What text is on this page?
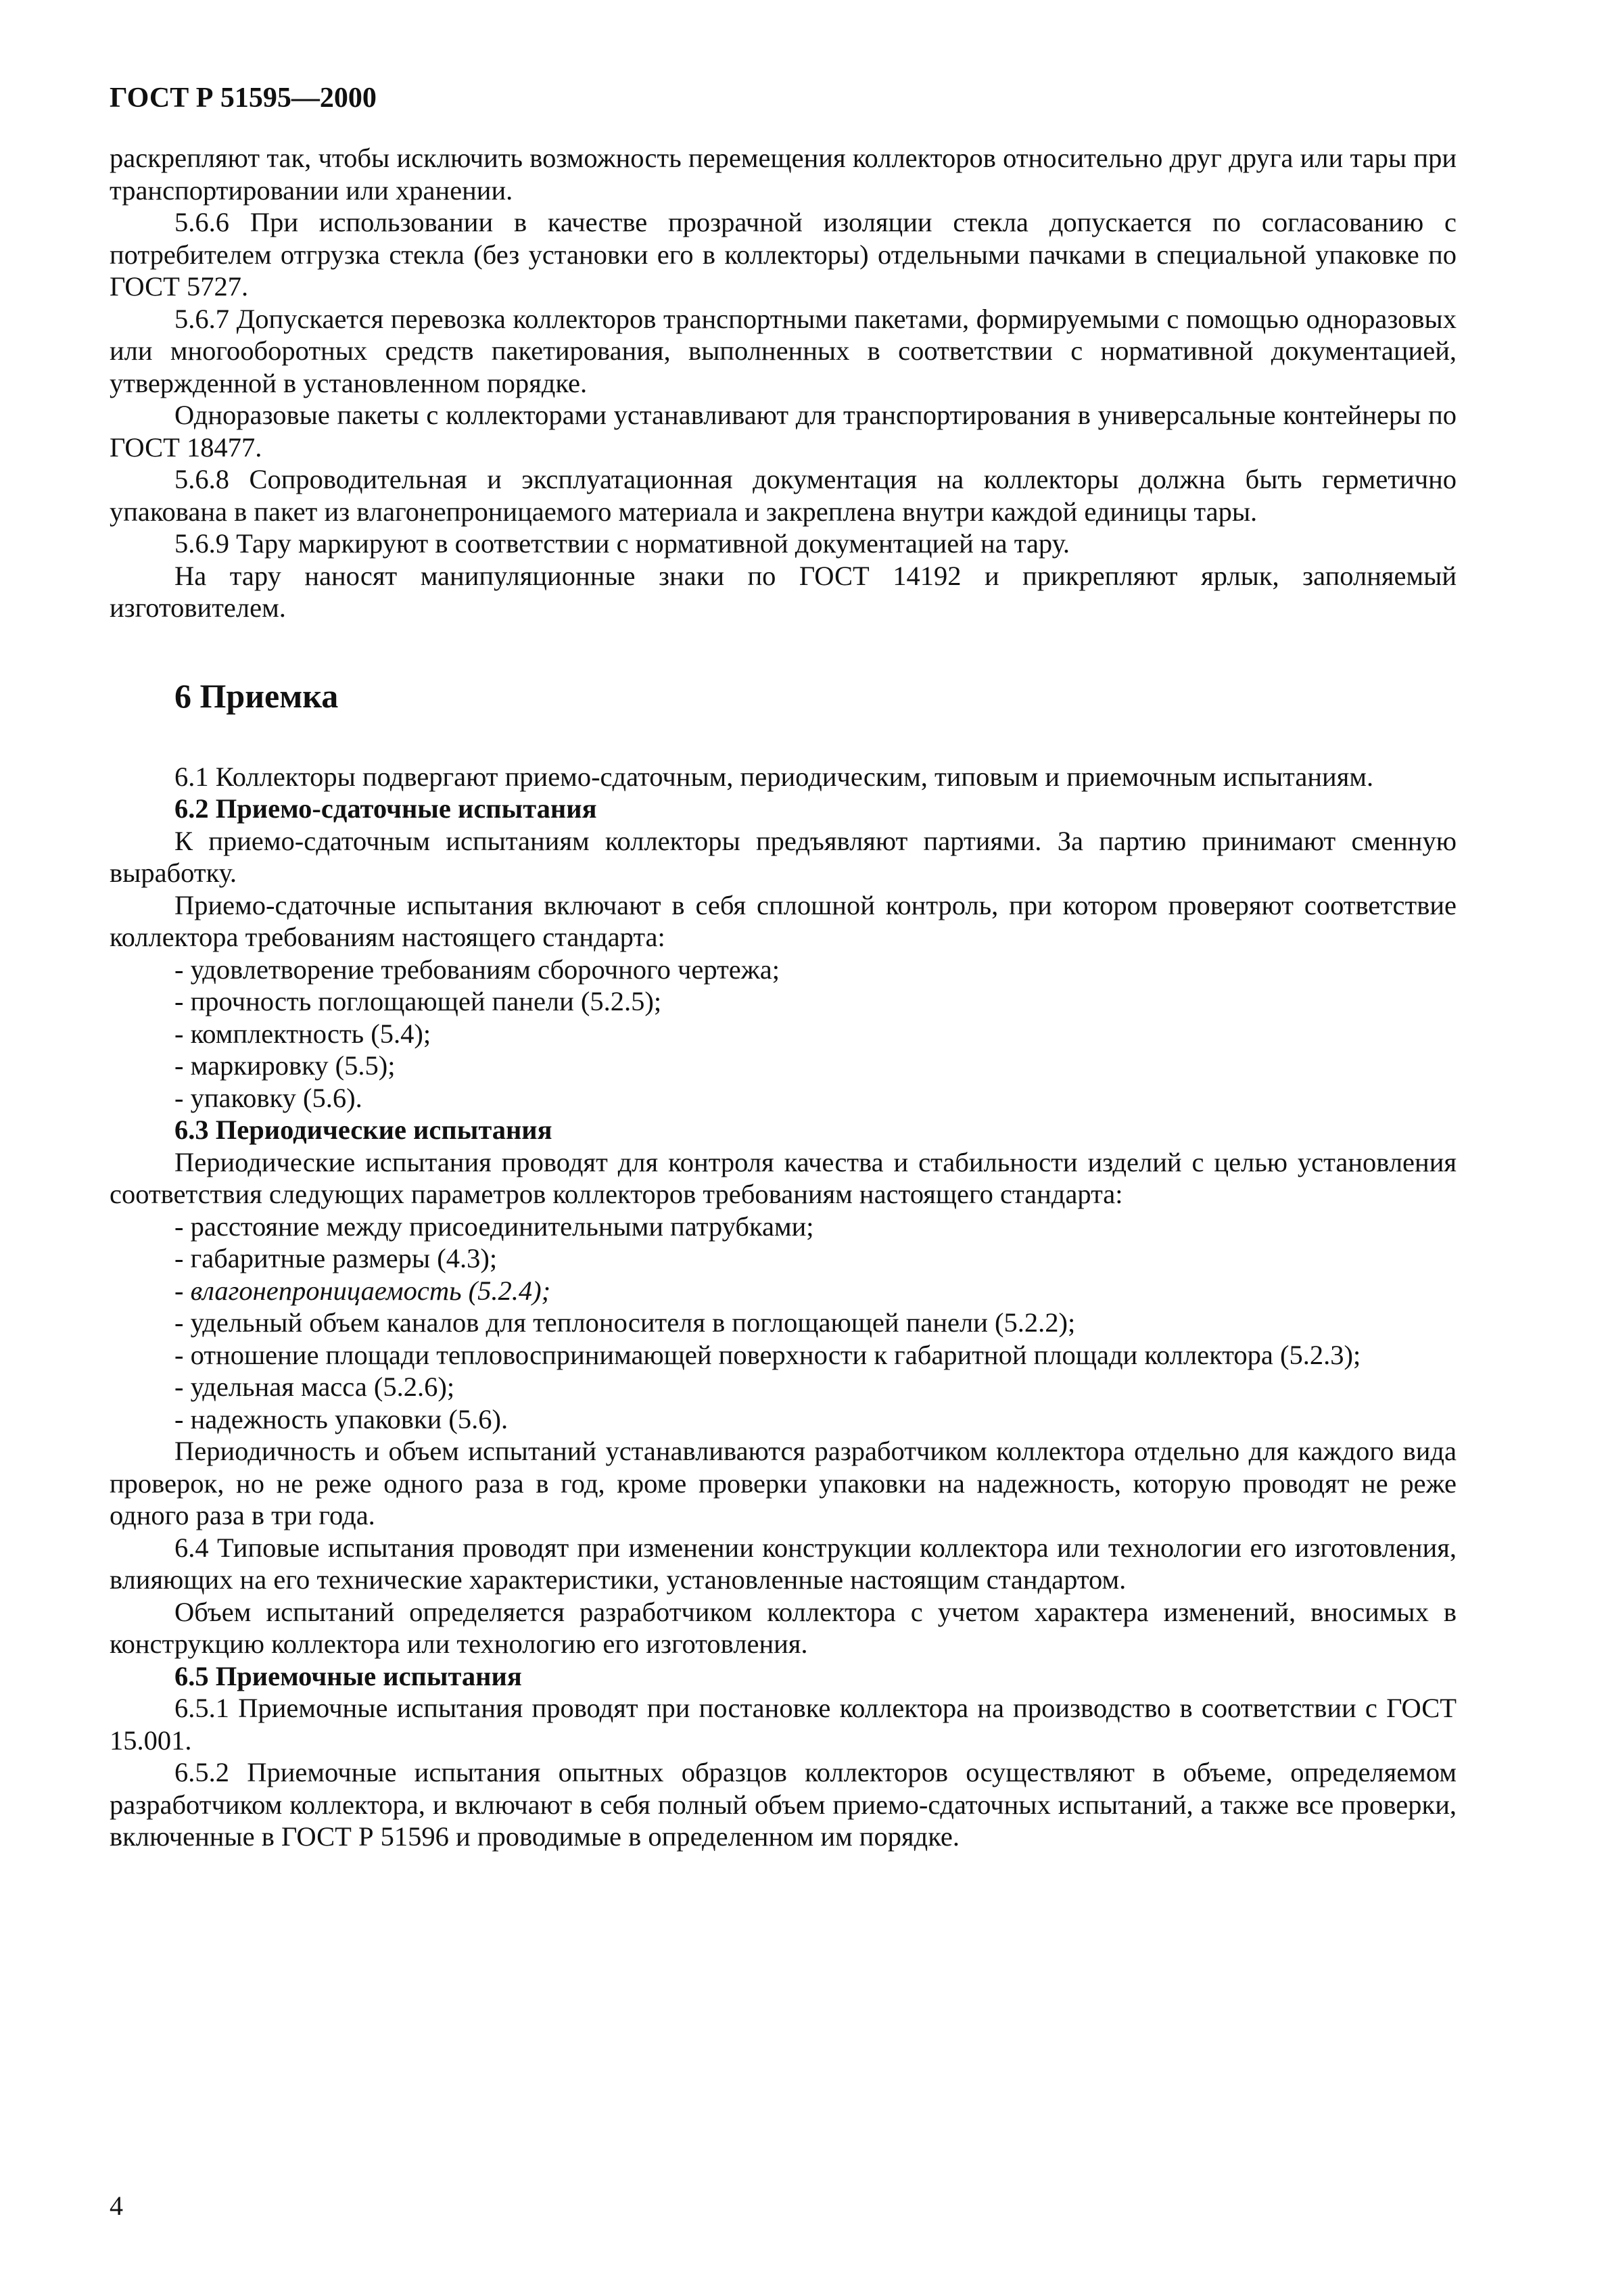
ГОСТ Р 51595—2000

раскрепляют так, чтобы исключить возможность перемещения коллекторов относительно друг друга или тары при транспортировании или хранении.

5.6.6 При использовании в качестве прозрачной изоляции стекла допускается по согласованию с потребителем отгрузка стекла (без установки его в коллекторы) отдельными пачками в специальной упаковке по ГОСТ 5727.

5.6.7 Допускается перевозка коллекторов транспортными пакетами, формируемыми с помощью одноразовых или многооборотных средств пакетирования, выполненных в соответствии с нормативной документацией, утвержденной в установленном порядке.

Одноразовые пакеты с коллекторами устанавливают для транспортирования в универсальные контейнеры по ГОСТ 18477.

5.6.8 Сопроводительная и эксплуатационная документация на коллекторы должна быть герметично упакована в пакет из влагонепроницаемого материала и закреплена внутри каждой единицы тары.

5.6.9 Тару маркируют в соответствии с нормативной документацией на тару.

На тару наносят манипуляционные знаки по ГОСТ 14192 и прикрепляют ярлык, заполняемый изготовителем.

6 Приемка

6.1 Коллекторы подвергают приемо-сдаточным, периодическим, типовым и приемочным испытаниям.

6.2 Приемо-сдаточные испытания

К приемо-сдаточным испытаниям коллекторы предъявляют партиями. За партию принимают сменную выработку.

Приемо-сдаточные испытания включают в себя сплошной контроль, при котором проверяют соответствие коллектора требованиям настоящего стандарта:

- удовлетворение требованиям сборочного чертежа;
- прочность поглощающей панели (5.2.5);
- комплектность (5.4);
- маркировку (5.5);
- упаковку (5.6).
6.3 Периодические испытания

Периодические испытания проводят для контроля качества и стабильности изделий с целью установления соответствия следующих параметров коллекторов требованиям настоящего стандарта:

- расстояние между присоединительными патрубками;
- габаритные размеры (4.3);
- влагонепроницаемость (5.2.4);
- удельный объем каналов для теплоносителя в поглощающей панели (5.2.2);

- отношение площади тепловоспринимающей поверхности к габаритной площади коллектора (5.2.3);

- удельная масса (5.2.6);
- надежность упаковки (5.6).

Периодичность и объем испытаний устанавливаются разработчиком коллектора отдельно для каждого вида проверок, но не реже одного раза в год, кроме проверки упаковки на надежность, которую проводят не реже одного раза в три года.

6.4 Типовые испытания проводят при изменении конструкции коллектора или технологии его изготовления, влияющих на его технические характеристики, установленные настоящим стандартом.

Объем испытаний определяется разработчиком коллектора с учетом характера изменений, вносимых в конструкцию коллектора или технологию его изготовления.

6.5 Приемочные испытания

6.5.1 Приемочные испытания проводят при постановке коллектора на производство в соответствии с ГОСТ 15.001.

6.5.2 Приемочные испытания опытных образцов коллекторов осуществляют в объеме, определяемом разработчиком коллектора, и включают в себя полный объем приемо-сдаточных испытаний, а также все проверки, включенные в ГОСТ Р 51596 и проводимые в определенном им порядке.

4
